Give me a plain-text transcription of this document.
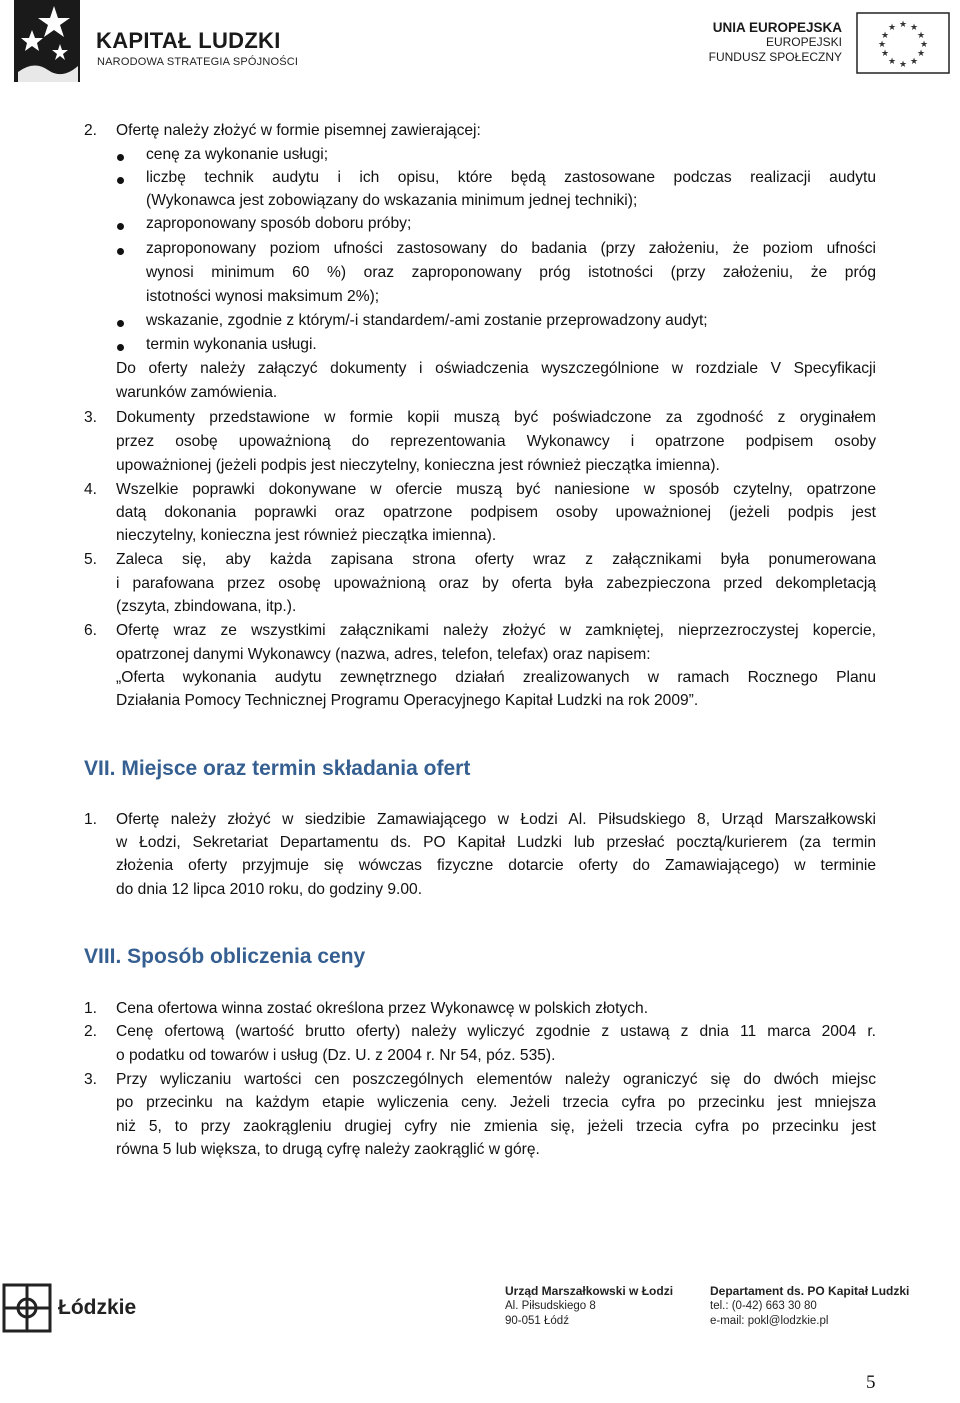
KAPITAŁ LUDZKI
NARODOWA STRATEGIA SPÓJNOŚCI
UNIA EUROPEJSKA
EUROPEJSKI
FUNDUSZ SPOŁECZNY
★ ★
★
★
★
★
★
★
★
★
★
★
2. Ofertę należy złożyć w formie pisemnej zawierającej:
cenę za wykonanie usługi;
liczbę technik audytu i ich opisu, które będą zastosowane podczas realizacji audytu
(Wykonawca jest zobowiązany do wskazania minimum jednej techniki);
zaproponowany sposób doboru próby;
zaproponowany poziom ufności zastosowany do badania (przy założeniu, że poziom ufności
wynosi minimum 60 %) oraz zaproponowany próg istotności (przy założeniu, że próg
istotności wynosi maksimum 2%);
wskazanie, zgodnie z którym/-i standardem/-ami zostanie przeprowadzony audyt;
termin wykonania usługi.
Do oferty należy załączyć dokumenty i oświadczenia wyszczególnione w rozdziale V Specyfikacji
warunków zamówienia.
3. Dokumenty przedstawione w formie kopii muszą być poświadczone za zgodność z oryginałem
przez osobę upoważnioną do reprezentowania Wykonawcy i opatrzone podpisem osoby
upoważnionej (jeżeli podpis jest nieczytelny, konieczna jest również pieczątka imienna).
4. Wszelkie poprawki dokonywane w ofercie muszą być naniesione w sposób czytelny, opatrzone
datą dokonania poprawki oraz opatrzone podpisem osoby upoważnionej (jeżeli podpis jest
nieczytelny, konieczna jest również pieczątka imienna).
5. Zaleca się, aby każda zapisana strona oferty wraz z załącznikami była ponumerowana
i parafowana przez osobę upoważnioną oraz by oferta była zabezpieczona przed dekompletacją
(zszyta, zbindowana, itp.).
6. Ofertę wraz ze wszystkimi załącznikami należy złożyć w zamkniętej, nieprzezroczystej kopercie,
opatrzonej danymi Wykonawcy (nazwa, adres, telefon, telefax) oraz napisem:
„Oferta wykonania audytu zewnętrznego działań zrealizowanych w ramach Rocznego Planu
Działania Pomocy Technicznej Programu Operacyjnego Kapitał Ludzki na rok 2009”.
VII. Miejsce oraz termin składania ofert
1. Ofertę należy złożyć w siedzibie Zamawiającego w Łodzi Al. Piłsudskiego 8, Urząd Marszałkowski
w Łodzi, Sekretariat Departamentu ds. PO Kapitał Ludzki lub przesłać pocztą/kurierem (za termin
złożenia oferty przyjmuje się wówczas fizyczne dotarcie oferty do Zamawiającego) w terminie
do dnia 12 lipca 2010 roku, do godziny 9.00.
VIII. Sposób obliczenia ceny
1. Cena ofertowa winna zostać określona przez Wykonawcę w polskich złotych.
2. Cenę ofertową (wartość brutto oferty) należy wyliczyć zgodnie z ustawą z dnia 11 marca 2004 r.
o podatku od towarów i usług (Dz. U. z 2004 r. Nr 54, póz. 535).
3. Przy wyliczaniu wartości cen poszczególnych elementów należy ograniczyć się do dwóch miejsc
po przecinku na każdym etapie wyliczenia ceny. Jeżeli trzecia cyfra po przecinku jest mniejsza
niż 5, to przy zaokrągleniu drugiej cyfry nie zmienia się, jeżeli trzecia cyfra po przecinku jest
równa 5 lub większa, to drugą cyfrę należy zaokrąglić w górę.
Łódzkie
Urząd Marszałkowski w Łodzi
Al. Piłsudskiego 8
90-051 Łódź
Departament ds. PO Kapitał Ludzki
tel.: (0-42) 663 30 80
e-mail: pokl@lodzkie.pl
5
